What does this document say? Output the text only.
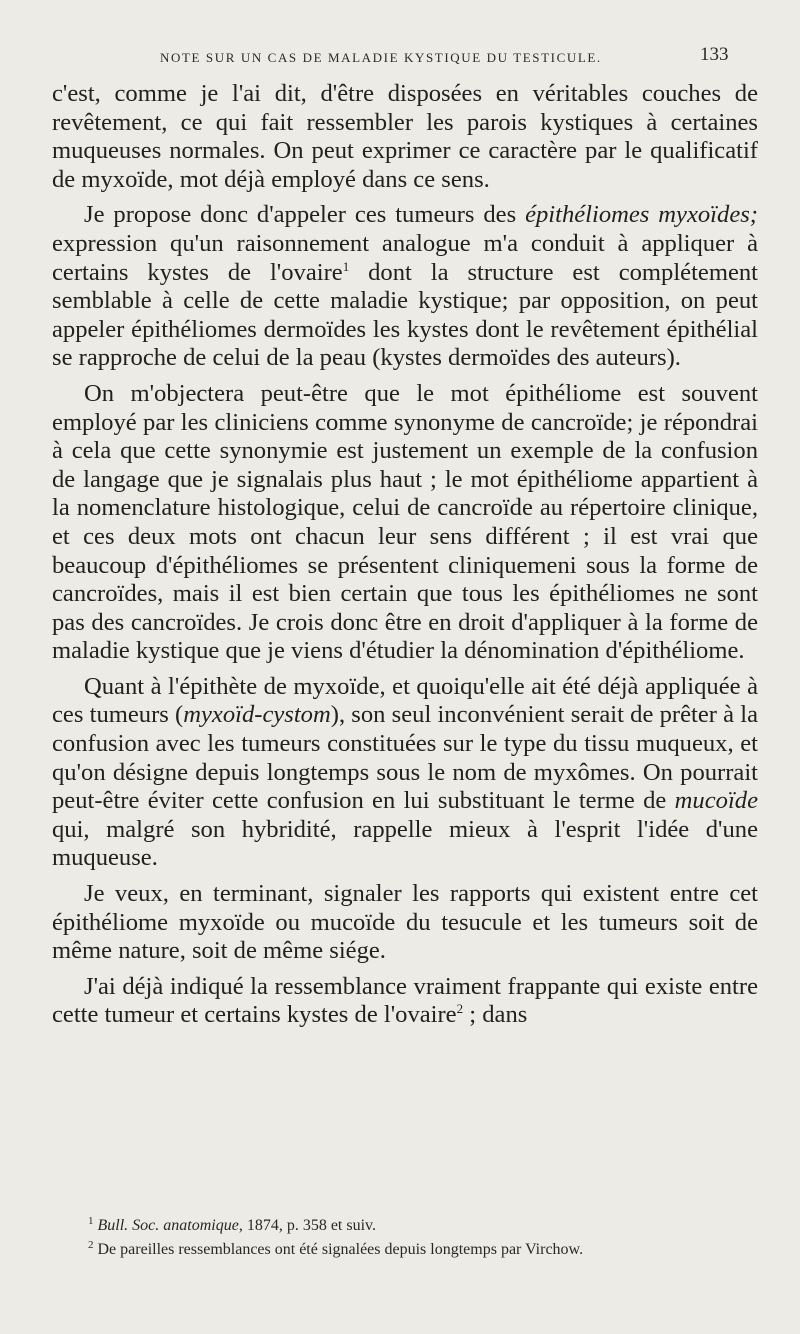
NOTE SUR UN CAS DE MALADIE KYSTIQUE DU TESTICULE.	133

c'est, comme je l'ai dit, d'être disposées en véritables couches de revêtement, ce qui fait ressembler les parois kystiques à certaines muqueuses normales. On peut exprimer ce caractère par le qualificatif de myxoïde, mot déjà employé dans ce sens.

Je propose donc d'appeler ces tumeurs des épithéliomes myxoïdes; expression qu'un raisonnement analogue m'a conduit à appliquer à certains kystes de l'ovaire$^1$ dont la structure est complétement semblable à celle de cette maladie kystique; par opposition, on peut appeler épithéliomes dermoïdes les kystes dont le revêtement épithélial se rapproche de celui de la peau (kystes dermoïdes des auteurs).

On m'objectera peut-être que le mot épithéliome est souvent employé par les cliniciens comme synonyme de cancroïde; je répondrai à cela que cette synonymie est justement un exemple de la confusion de langage que je signalais plus haut ; le mot épithéliome appartient à la nomenclature histologique, celui de cancroïde au répertoire clinique, et ces deux mots ont chacun leur sens différent ; il est vrai que beaucoup d'épithéliomes se présentent cliniquemeni sous la forme de cancroïdes, mais il est bien certain que tous les épithéliomes ne sont pas des cancroïdes. Je crois donc être en droit d'appliquer à la forme de maladie kystique que je viens d'étudier la dénomination d'épithéliome.

Quant à l'épithète de myxoïde, et quoiqu'elle ait été déjà appliquée à ces tumeurs (myxoïd-cystom), son seul inconvénient serait de prêter à la confusion avec les tumeurs constituées sur le type du tissu muqueux, et qu'on désigne depuis longtemps sous le nom de myxômes. On pourrait peut-être éviter cette confusion en lui substituant le terme de mucoïde qui, malgré son hybridité, rappelle mieux à l'esprit l'idée d'une muqueuse.

Je veux, en terminant, signaler les rapports qui existent entre cet épithéliome myxoïde ou mucoïde du tesucule et les tumeurs soit de même nature, soit de même siége.

J'ai déjà indiqué la ressemblance vraiment frappante qui existe entre cette tumeur et certains kystes de l'ovaire$^2$ ; dans

$^1$ Bull. Soc. anatomique, 1874, p. 358 et suiv.
$^2$ De pareilles ressemblances ont été signalées depuis longtemps par Virchow.
